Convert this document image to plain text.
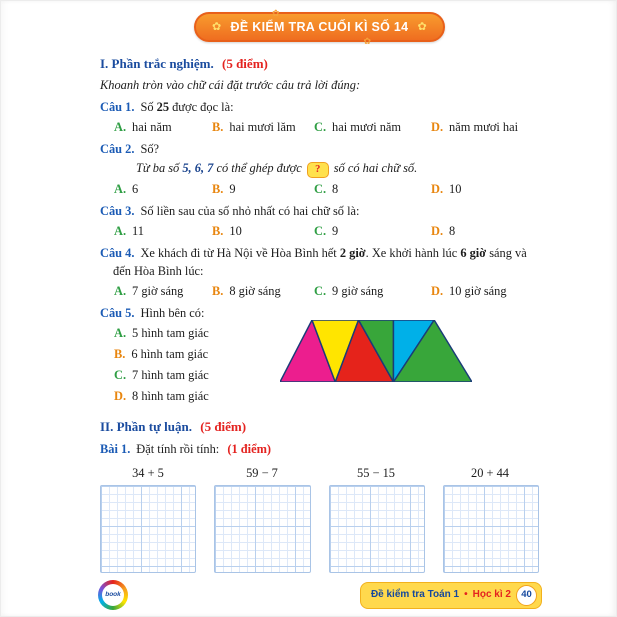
✿
✿ ĐỀ KIỂM TRA CUỐI KÌ SỐ 14 ✿
✿
I. Phần trắc nghiệm. (5 điểm)
Khoanh tròn vào chữ cái đặt trước câu trả lời đúng:
Câu 1. Số 25 được đọc là:
A. hai năm	B. hai mươi lăm C. hai mươi năm D. năm mươi hai
Câu 2. Số?
Từ ba số 5, 6, 7 có thể ghép được ? số có hai chữ số.
A. 6	B. 9	C. 8	D. 10
Câu 3. Số liền sau của số nhỏ nhất có hai chữ số là:
A. 11	B. 10	C. 9	D. 8
Câu 4. Xe khách đi từ Hà Nội về Hòa Bình hết 2 giờ. Xe khởi hành lúc 6 giờ sáng và đến Hòa Bình lúc:
A. 7 giờ sáng B. 8 giờ sáng	C. 9 giờ sáng	D. 10 giờ sáng
Câu 5. Hình bên có:
A. 5 hình tam giác
B. 6 hình tam giác
C. 7 hình tam giác
D. 8 hình tam giác
II. Phần tự luận. (5 điểm)
Bài 1. Đặt tính rồi tính: (1 điểm)
34 + 5	59 − 7	55 − 15	20 + 44
book	Đề kiểm tra Toán 1 • Học kì 2	40
